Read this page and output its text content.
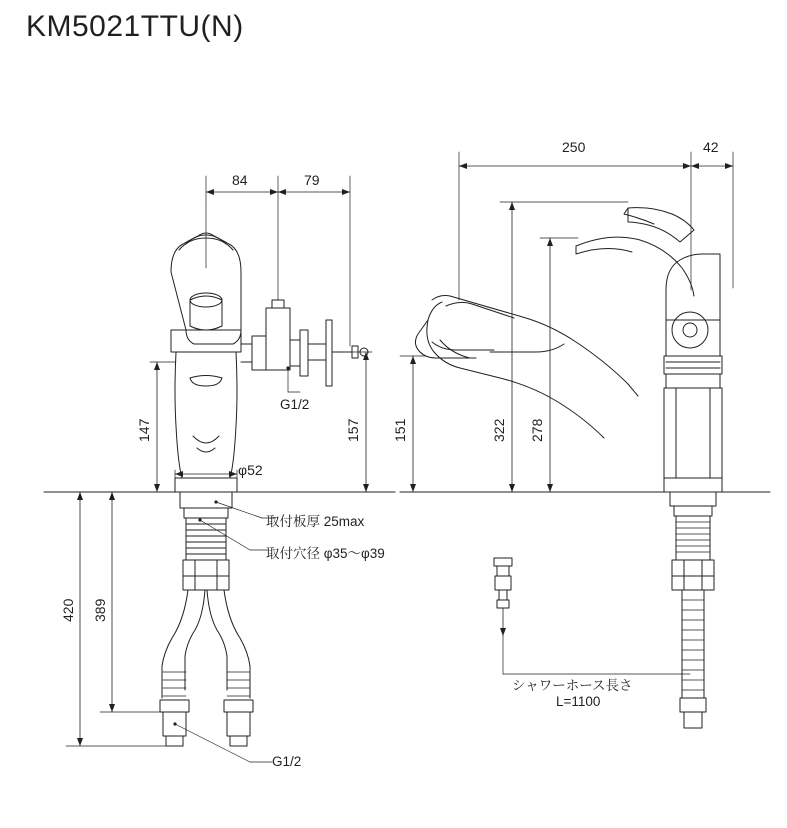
KM5021TTU(N)
84	79
147	157 151
φ52
389
420
250	42
322 278
G1/2
取付板厚 25max
取付穴径 φ35〜φ39
G1/2
シャワーホース長さ
L=1100
